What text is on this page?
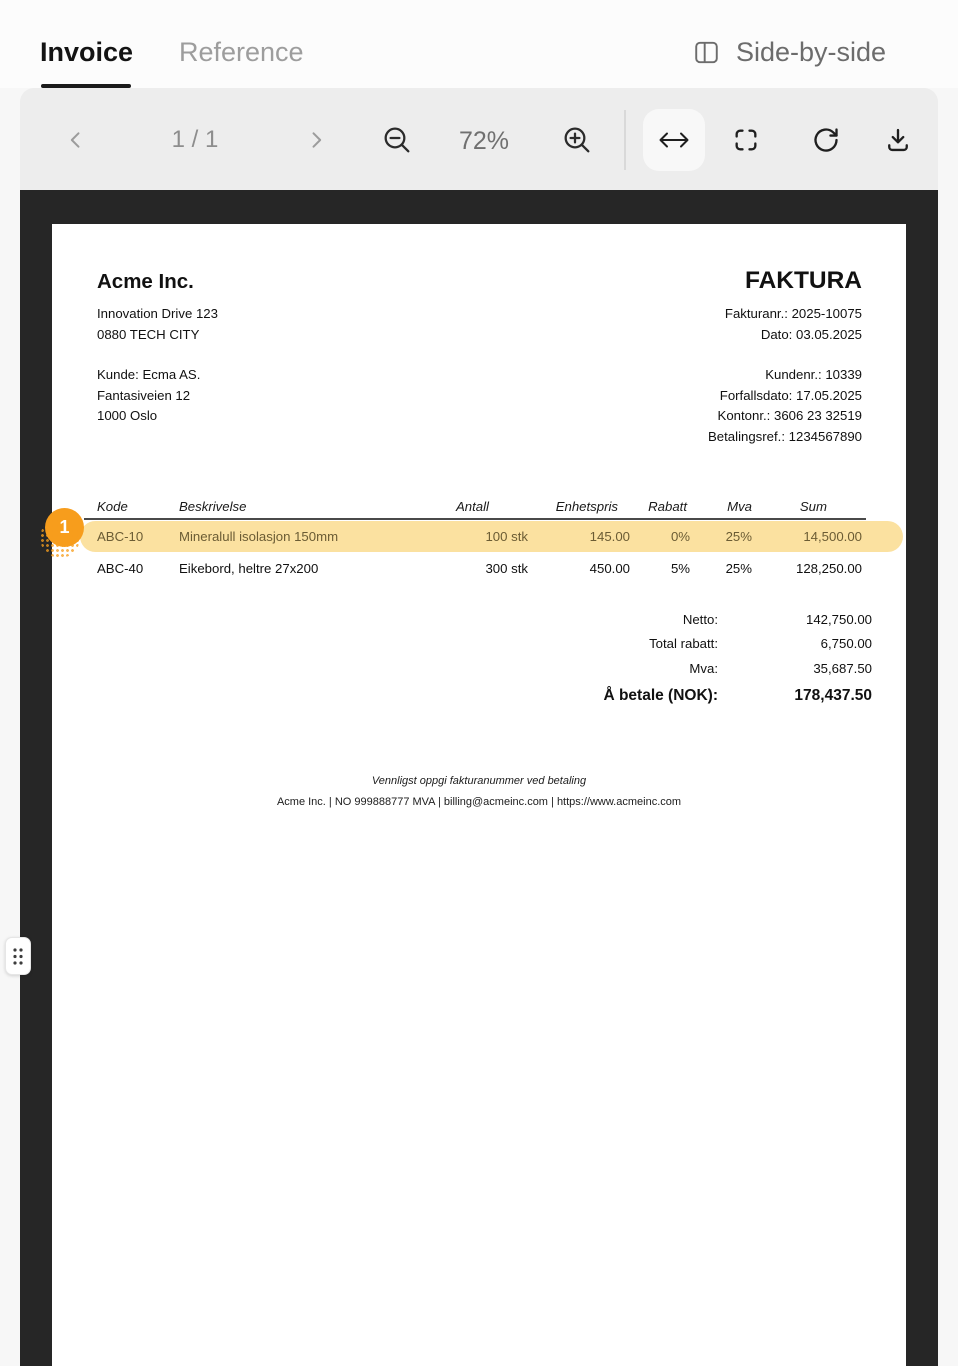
Invoice Reference	Side-by-side
1 / 1	72%
Acme Inc.
Innovation Drive 123
0880 TECH CITY
Kunde: Ecma AS.
Fantasiveien 12
1000 Oslo
FAKTURA
Fakturanr.: 2025-10075
Dato: 03.05.2025
Kundenr.: 10339
Forfallsdato: 17.05.2025
Kontonr.: 3606 23 32519
Betalingsref.: 1234567890
Kode	Beskrivelse	Antall	Enhetspris	Rabatt	Mva	Sum
ABC-10	Mineralull isolasjon 150mm	100 stk	145.00	0%	25%	14,500.00
ABC-40	Eikebord, heltre 27x200	300 stk	450.00	5%	25%	128,250.00
Netto:	142,750.00
Total rabatt:	6,750.00
Mva:	35,687.50
Å betale (NOK):	178,437.50
Vennligst oppgi fakturanummer ved betaling
Acme Inc. | NO 999888777 MVA | billing@acmeinc.com | https://www.acmeinc.com
1
